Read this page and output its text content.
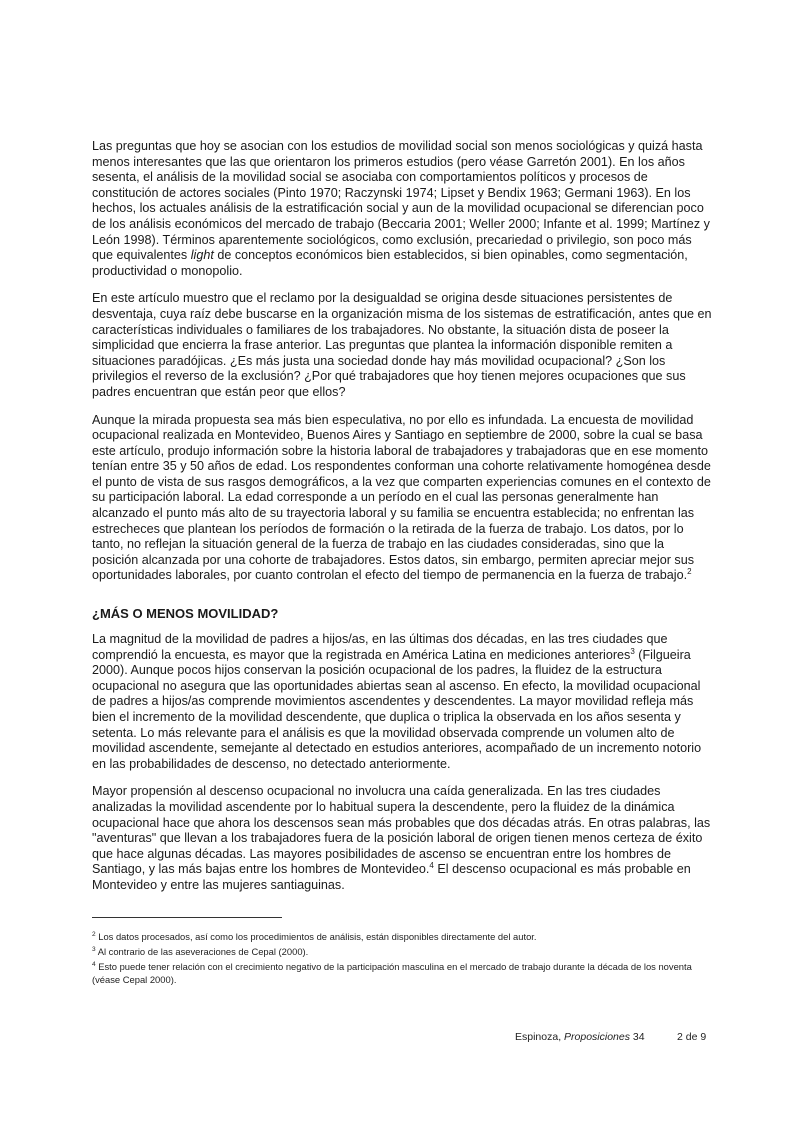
Las preguntas que hoy se asocian con los estudios de movilidad social son menos sociológicas y quizá hasta menos interesantes que las que orientaron los primeros estudios (pero véase Garretón 2001). En los años sesenta, el análisis de la movilidad social se asociaba con comportamientos políticos y procesos de constitución de actores sociales (Pinto 1970; Raczynski 1974; Lipset y Bendix 1963; Germani 1963). En los hechos, los actuales análisis de la estratificación social y aun de la movilidad ocupacional se diferencian poco de los análisis económicos del mercado de trabajo (Beccaria 2001; Weller 2000; Infante et al. 1999; Martínez y León 1998). Términos aparentemente sociológicos, como exclusión, precariedad o privilegio, son poco más que equivalentes light de conceptos económicos bien establecidos, si bien opinables, como segmentación, productividad o monopolio.

En este artículo muestro que el reclamo por la desigualdad se origina desde situaciones persistentes de desventaja, cuya raíz debe buscarse en la organización misma de los sistemas de estratificación, antes que en características individuales o familiares de los trabajadores. No obstante, la situación dista de poseer la simplicidad que encierra la frase anterior. Las preguntas que plantea la información disponible remiten a situaciones paradójicas. ¿Es más justa una sociedad donde hay más movilidad ocupacional? ¿Son los privilegios el reverso de la exclusión? ¿Por qué trabajadores que hoy tienen mejores ocupaciones que sus padres encuentran que están peor que ellos?

Aunque la mirada propuesta sea más bien especulativa, no por ello es infundada. La encuesta de movilidad ocupacional realizada en Montevideo, Buenos Aires y Santiago en septiembre de 2000, sobre la cual se basa este artículo, produjo información sobre la historia laboral de trabajadores y trabajadoras que en ese momento tenían entre 35 y 50 años de edad. Los respondentes conforman una cohorte relativamente homogénea desde el punto de vista de sus rasgos demográficos, a la vez que comparten experiencias comunes en el contexto de su participación laboral. La edad corresponde a un período en el cual las personas generalmente han alcanzado el punto más alto de su trayectoria laboral y su familia se encuentra establecida; no enfrentan las estrecheces que plantean los períodos de formación o la retirada de la fuerza de trabajo. Los datos, por lo tanto, no reflejan la situación general de la fuerza de trabajo en las ciudades consideradas, sino que la posición alcanzada por una cohorte de trabajadores. Estos datos, sin embargo, permiten apreciar mejor sus oportunidades laborales, por cuanto controlan el efecto del tiempo de permanencia en la fuerza de trabajo.$^2$

¿MÁS O MENOS MOVILIDAD?

La magnitud de la movilidad de padres a hijos/as, en las últimas dos décadas, en las tres ciudades que comprendió la encuesta, es mayor que la registrada en América Latina en mediciones anteriores$^3$ (Filgueira 2000). Aunque pocos hijos conservan la posición ocupacional de los padres, la fluidez de la estructura ocupacional no asegura que las oportunidades abiertas sean al ascenso. En efecto, la movilidad ocupacional de padres a hijos/as comprende movimientos ascendentes y descendentes. La mayor movilidad refleja más bien el incremento de la movilidad descendente, que duplica o triplica la observada en los años sesenta y setenta. Lo más relevante para el análisis es que la movilidad observada comprende un volumen alto de movilidad ascendente, semejante al detectado en estudios anteriores, acompañado de un incremento notorio en las probabilidades de descenso, no detectado anteriormente.

Mayor propensión al descenso ocupacional no involucra una caída generalizada. En las tres ciudades analizadas la movilidad ascendente por lo habitual supera la descendente, pero la fluidez de la dinámica ocupacional hace que ahora los descensos sean más probables que dos décadas atrás. En otras palabras, las "aventuras" que llevan a los trabajadores fuera de la posición laboral de origen tienen menos certeza de éxito que hace algunas décadas. Las mayores posibilidades de ascenso se encuentran entre los hombres de Santiago, y las más bajas entre los hombres de Montevideo.$^4$ El descenso ocupacional es más probable en Montevideo y entre las mujeres santiaguinas.

$^2$ Los datos procesados, así como los procedimientos de análisis, están disponibles directamente del autor.

$^3$ Al contrario de las aseveraciones de Cepal (2000).

$^4$ Esto puede tener relación con el crecimiento negativo de la participación masculina en el mercado de trabajo durante la década de los noventa (véase Cepal 2000).

Espinoza, Proposiciones 34	2 de 9
